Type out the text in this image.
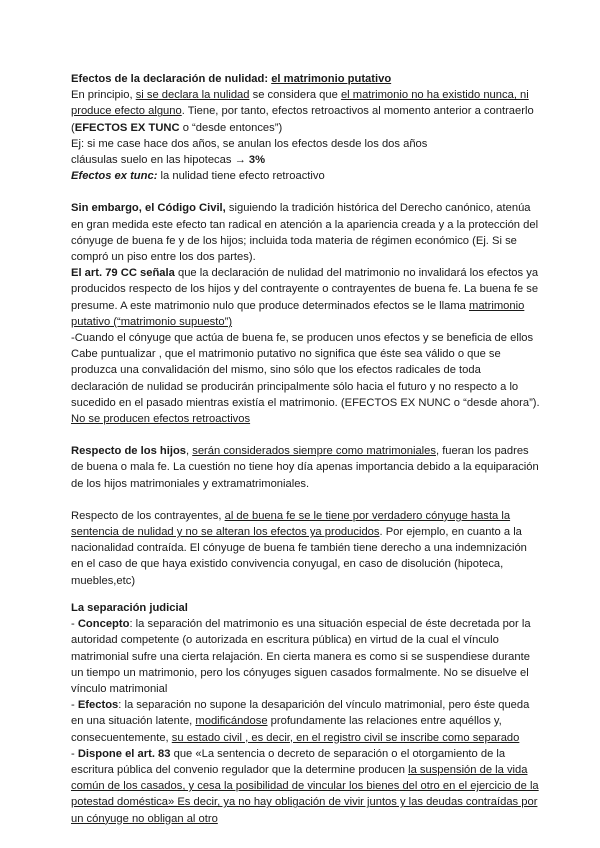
Efectos de la declaración de nulidad: el matrimonio putativo

En principio, si se declara la nulidad se considera que el matrimonio no ha existido nunca, ni produce efecto alguno. Tiene, por tanto, efectos retroactivos al momento anterior a contraerlo (EFECTOS EX TUNC o “desde entonces”)

Ej: si me case hace dos años, se anulan los efectos desde los dos años

cláusulas suelo en las hipotecas → 3%

Efectos ex tunc: la nulidad tiene efecto retroactivo

Sin embargo, el Código Civil, siguiendo la tradición histórica del Derecho canónico, atenúa en gran medida este efecto tan radical en atención a la apariencia creada y a la protección del cónyuge de buena fe y de los hijos; incluida toda materia de régimen económico (Ej. Si se compró un piso entre los dos partes).

El art. 79 CC señala que la declaración de nulidad del matrimonio no invalidará los efectos ya producidos respecto de los hijos y del contrayente o contrayentes de buena fe. La buena fe se presume. A este matrimonio nulo que produce determinados efectos se le llama matrimonio putativo (“matrimonio supuesto”)

-Cuando el cónyuge que actúa de buena fe, se producen unos efectos y se beneficia de ellos

Cabe puntualizar , que el matrimonio putativo no significa que éste sea válido o que se produzca una convalidación del mismo, sino sólo que los efectos radicales de toda declaración de nulidad se producirán principalmente sólo hacia el futuro y no respecto a lo sucedido en el pasado mientras existía el matrimonio. (EFECTOS EX NUNC o “desde ahora”). No se producen efectos retroactivos

Respecto de los hijos, serán considerados siempre como matrimoniales, fueran los padres de buena o mala fe. La cuestión no tiene hoy día apenas importancia debido a la equiparación de los hijos matrimoniales y extramatrimoniales.

Respecto de los contrayentes, al de buena fe se le tiene por verdadero cónyuge hasta la sentencia de nulidad y no se alteran los efectos ya producidos. Por ejemplo, en cuanto a la nacionalidad contraída. El cónyuge de buena fe también tiene derecho a una indemnización en el caso de que haya existido convivencia conyugal, en caso de disolución (hipoteca, muebles,etc)

La separación judicial

- Concepto: la separación del matrimonio es una situación especial de éste decretada por la autoridad competente (o autorizada en escritura pública) en virtud de la cual el vínculo matrimonial sufre una cierta relajación. En cierta manera es como si se suspendiese durante un tiempo un matrimonio, pero los cónyuges siguen casados formalmente. No se disuelve el vínculo matrimonial

- Efectos: la separación no supone la desaparición del vínculo matrimonial, pero éste queda en una situación latente, modificándose profundamente las relaciones entre aquéllos y, consecuentemente, su estado civil , es decir, en el registro civil se inscribe como separado

- Dispone el art. 83 que «La sentencia o decreto de separación o el otorgamiento de la escritura pública del convenio regulador que la determine producen la suspensión de la vida común de los casados, y cesa la posibilidad de vincular los bienes del otro en el ejercicio de la potestad doméstica» Es decir, ya no hay obligación de vivir juntos y las deudas contraídas por un cónyuge no obligan al otro
